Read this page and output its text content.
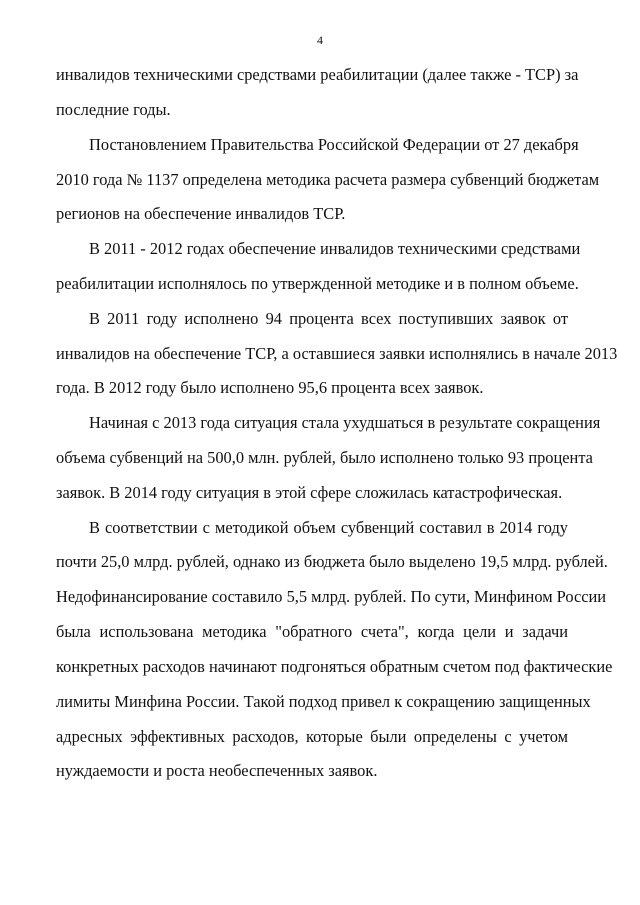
4
инвалидов техническими средствами реабилитации (далее также - ТСР) за
последние годы.
Постановлением Правительства Российской Федерации от 27 декабря
2010 года № 1137 определена методика расчета размера субвенций бюджетам
регионов на обеспечение инвалидов ТСР.
В 2011 - 2012 годах обеспечение инвалидов техническими средствами
реабилитации исполнялось по утвержденной методике и в полном объеме.
В 2011 году исполнено 94 процента всех поступивших заявок от
инвалидов на обеспечение ТСР, а оставшиеся заявки исполнялись в начале 2013
года. В 2012 году было исполнено 95,6 процента всех заявок.
Начиная с 2013 года ситуация стала ухудшаться в результате сокращения
объема субвенций на 500,0 млн. рублей, было исполнено только 93 процента
заявок. В 2014 году ситуация в этой сфере сложилась катастрофическая.
В соответствии с методикой объем субвенций составил в 2014 году
почти 25,0 млрд. рублей, однако из бюджета было выделено 19,5 млрд. рублей.
Недофинансирование составило 5,5 млрд. рублей. По сути, Минфином России
была использована методика "обратного счета", когда цели и задачи
конкретных расходов начинают подгоняться обратным счетом под фактические
лимиты Минфина России. Такой подход привел к сокращению защищенных
адресных эффективных расходов, которые были определены с учетом
нуждаемости и роста необеспеченных заявок.
